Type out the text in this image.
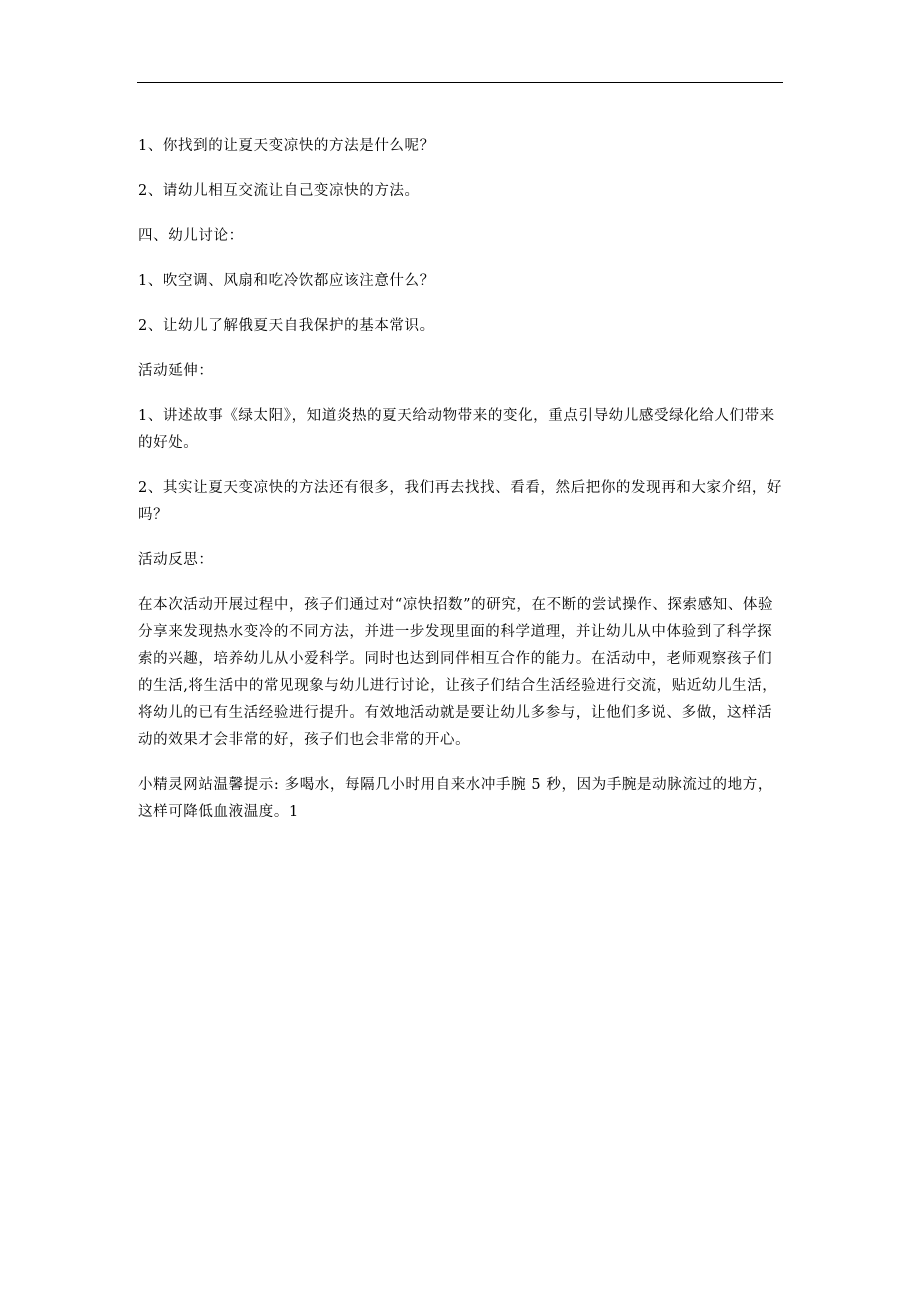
1、你找到的让夏天变凉快的方法是什么呢？

2、请幼儿相互交流让自己变凉快的方法。

四、幼儿讨论：

1、吹空调、风扇和吃冷饮都应该注意什么？

2、让幼儿了解俄夏天自我保护的基本常识。

活动延伸：

1、讲述故事《绿太阳》，知道炎热的夏天给动物带来的变化，重点引导幼儿感受绿化给人们带来的好处。

2、其实让夏天变凉快的方法还有很多，我们再去找找、看看，然后把你的发现再和大家介绍，好吗？

活动反思：

在本次活动开展过程中，孩子们通过对“凉快招数”的研究，在不断的尝试操作、探索感知、体验分享来发现热水变冷的不同方法，并进一步发现里面的科学道理，并让幼儿从中体验到了科学探索的兴趣，培养幼儿从小爱科学。同时也达到同伴相互合作的能力。在活动中，老师观察孩子们的生活,将生活中的常见现象与幼儿进行讨论，让孩子们结合生活经验进行交流，贴近幼儿生活，将幼儿的已有生活经验进行提升。有效地活动就是要让幼儿多参与，让他们多说、多做，这样活动的效果才会非常的好，孩子们也会非常的开心。

小精灵网站温馨提示: 多喝水，每隔几小时用自来水冲手腕 5 秒，因为手腕是动脉流过的地方，这样可降低血液温度。1
